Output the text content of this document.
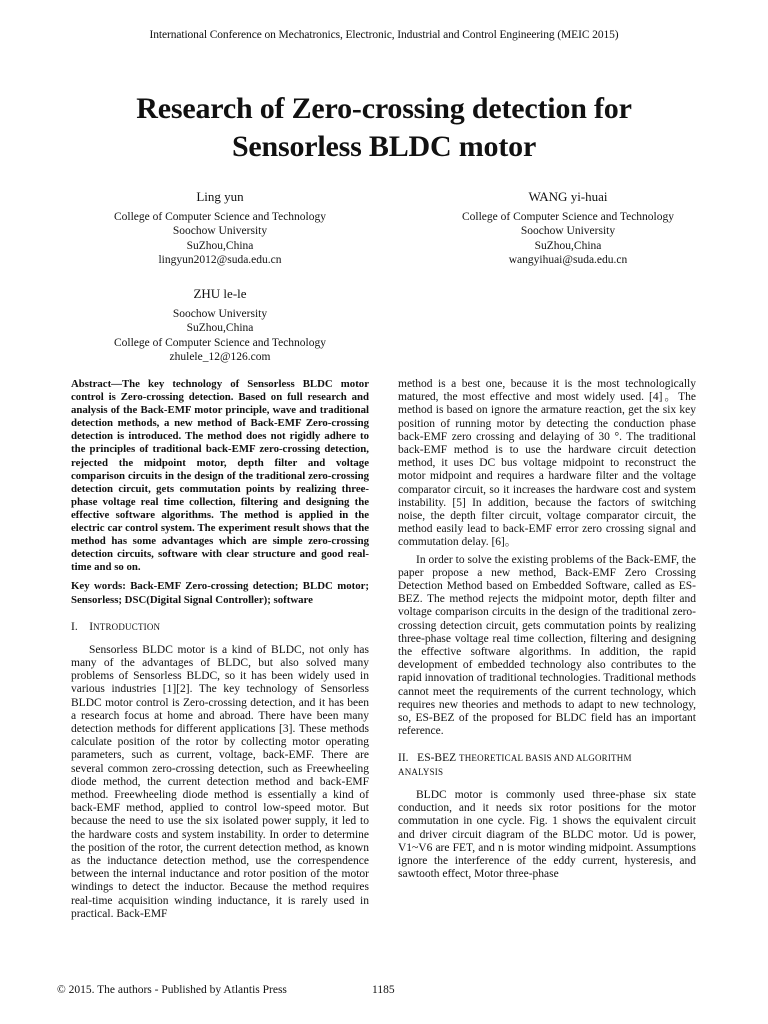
International Conference on Mechatronics, Electronic, Industrial and Control Engineering (MEIC 2015)
Research of Zero-crossing detection for
Sensorless BLDC motor
Ling yun
College of Computer Science and Technology
Soochow University
SuZhou,China
lingyun2012@suda.edu.cn
WANG yi-huai
College of Computer Science and Technology
Soochow University
SuZhou,China
wangyihuai@suda.edu.cn
ZHU le-le
Soochow University
SuZhou,China
College of Computer Science and Technology
zhulele_12@126.com

Abstract—The key technology of Sensorless BLDC motor control is Zero-crossing detection. Based on full research and analysis of the Back-EMF motor principle, wave and traditional detection methods, a new method of Back-EMF Zero-crossing detection is introduced. The method does not rigidly adhere to the principles of traditional back-EMF zero-crossing detection, rejected the midpoint motor, depth filter and voltage comparison circuits in the design of the traditional zero-crossing detection circuit, gets commutation points by realizing three-phase voltage real time collection, filtering and designing the effective software algorithms. The method is applied in the electric car control system. The experiment result shows that the method has some advantages which are simple zero-crossing detection circuits, software with clear structure and good real-time and so on.

Key words: Back-EMF Zero-crossing detection; BLDC motor; Sensorless; DSC(Digital Signal Controller); software

I. INTRODUCTION

Sensorless BLDC motor is a kind of BLDC, not only has many of the advantages of BLDC, but also solved many problems of Sensorless BLDC, so it has been widely used in various industries [1][2]. The key technology of Sensorless BLDC motor control is Zero-crossing detection, and it has been a research focus at home and abroad. There have been many detection methods for different applications [3]. These methods calculate position of the rotor by collecting motor operating parameters, such as current, voltage, back-EMF. There are several common zero-crossing detection, such as Freewheeling diode method, the current detection method and back-EMF method. Freewheeling diode method is essentially a kind of back-EMF method, applied to control low-speed motor. But because the need to use the six isolated power supply, it led to the hardware costs and system instability. In order to determine the position of the rotor, the current detection method, as known as the inductance detection method, use the correspendence between the internal inductance and rotor position of the motor windings to detect the inductor. Because the method requires real-time acquisition winding inductance, it is rarely used in practical. Back-EMF

method is a best one, because it is the most technologically matured, the most effective and most widely used. [4]。The method is based on ignore the armature reaction, get the six key position of running motor by detecting the conduction phase back-EMF zero crossing and delaying of 30 °. The traditional back-EMF method is to use the hardware circuit detection method, it uses DC bus voltage midpoint to reconstruct the motor midpoint and requires a hardware filter and the voltage comparator circuit, so it increases the hardware cost and system instability. [5] In addition, because the factors of switching noise, the depth filter circuit, voltage comparator circuit, the method easily lead to back-EMF error zero crossing signal and commutation delay. [6]。

In order to solve the existing problems of the Back-EMF, the paper propose a new method, Back-EMF Zero Crossing Detection Method based on Embedded Software, called as ES-BEZ. The method rejects the midpoint motor, depth filter and voltage comparison circuits in the design of the traditional zero-crossing detection circuit, gets commutation points by realizing three-phase voltage real time collection, filtering and designing the effective software algorithms. In addition, the rapid development of embedded technology also contributes to the rapid innovation of traditional technologies. Traditional methods cannot meet the requirements of the current technology, which requires new theories and methods to adapt to new technology, so, ES-BEZ of the proposed for BLDC field has an important reference.

II. ES-BEZ THEORETICAL BASIS AND ALGORITHM
ANALYSIS

BLDC motor is commonly used three-phase six state conduction, and it needs six rotor positions for the motor commutation in one cycle. Fig. 1 shows the equivalent circuit and driver circuit diagram of the BLDC motor. Ud is power, V1~V6 are FET, and n is motor winding midpoint. Assumptions ignore the interference of the eddy current, hysteresis, and sawtooth effect, Motor three-phase

© 2015. The authors - Published by Atlantis Press	1185
